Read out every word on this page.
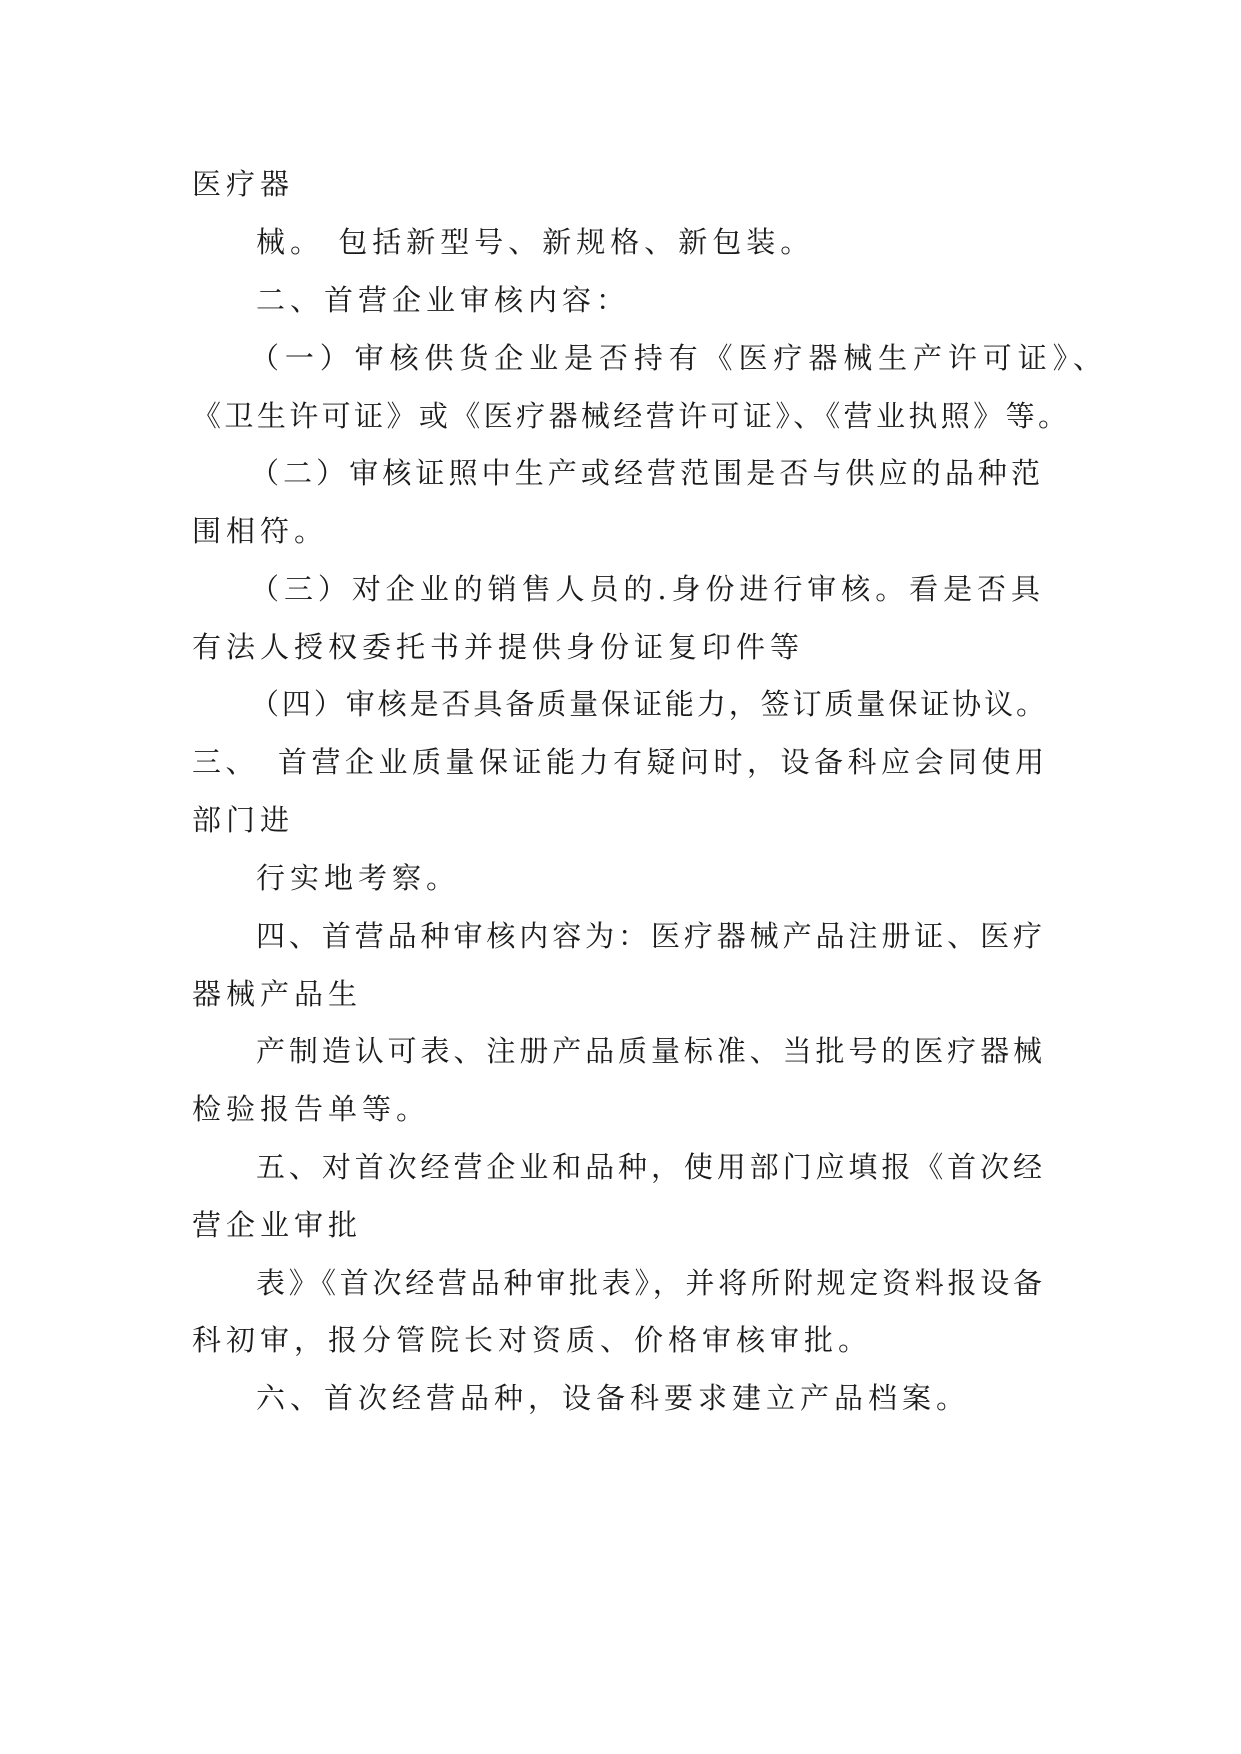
医疗器
械。 包括新型号、新规格、新包装。
二、首营企业审核内容：
（一）审核供货企业是否持有《医疗器械生产许可证》、
《卫生许可证》或《医疗器械经营许可证》、《营业执照》等。
（二）审核证照中生产或经营范围是否与供应的品种范
围相符。
（三）对企业的销售人员的.身份进行审核。看是否具
有法人授权委托书并提供身份证复印件等
（四）审核是否具备质量保证能力，签订质量保证协议。
三、　首营企业质量保证能力有疑问时，设备科应会同使用
部门进
行实地考察。
四、首营品种审核内容为：医疗器械产品注册证、医疗
器械产品生
产制造认可表、注册产品质量标准、当批号的医疗器械
检验报告单等。
五、对首次经营企业和品种，使用部门应填报《首次经
营企业审批
表》《首次经营品种审批表》，并将所附规定资料报设备
科初审，报分管院长对资质、价格审核审批。
六、首次经营品种，设备科要求建立产品档案。
